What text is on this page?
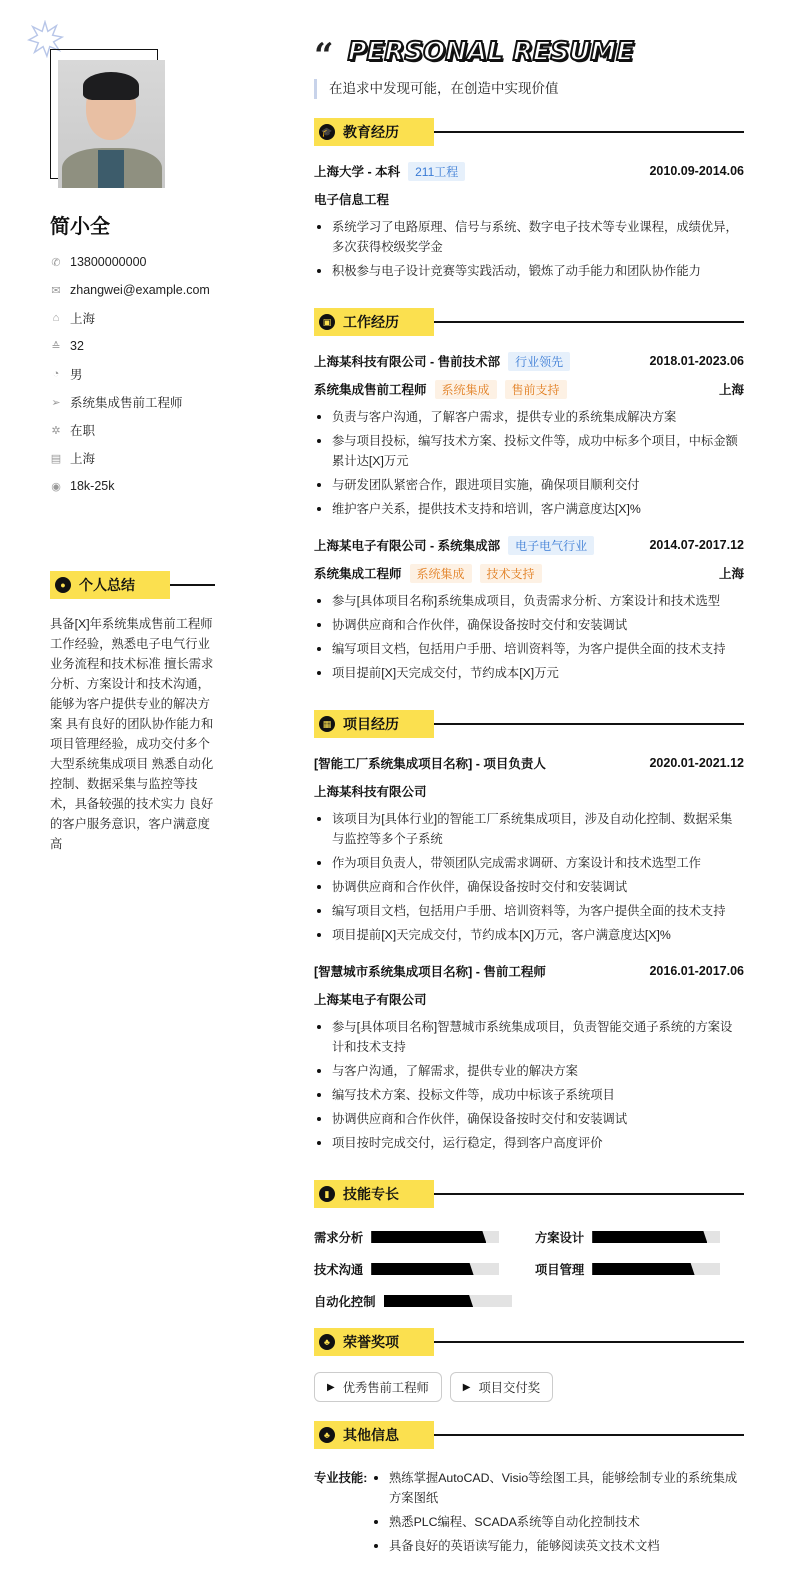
简小全
✆ 13800000000
✉ zhangwei@example.com
⌂ 上海
≙ 32
◔ 男
➢ 系统集成售前工程师
✲ 在职
▤ 上海
◉ 18k-25k
● 个人总结
具备[X]年系统集成售前工程师工作经验，熟悉电子电气行业业务流程和技术标准 擅长需求分析、方案设计和技术沟通，能够为客户提供专业的解决方案 具有良好的团队协作能力和项目管理经验，成功交付多个大型系统集成项目 熟悉自动化控制、数据采集与监控等技术，具备较强的技术实力 良好的客户服务意识，客户满意度高
“ PERSONAL RESUME
在追求中发现可能，在创造中实现价值
🎓 教育经历
上海大学 - 本科	211工程	2010.09-2014.06
电子信息工程
系统学习了电路原理、信号与系统、数字电子技术等专业课程，成绩优异，多次获得校级奖学金
积极参与电子设计竞赛等实践活动，锻炼了动手能力和团队协作能力
▣ 工作经历
上海某科技有限公司 - 售前技术部	行业领先	2018.01-2023.06
系统集成售前工程师	系统集成	售前支持	上海
负责与客户沟通，了解客户需求，提供专业的系统集成解决方案
参与项目投标，编写技术方案、投标文件等，成功中标多个项目，中标金额累计达[X]万元
与研发团队紧密合作，跟进项目实施，确保项目顺利交付
维护客户关系，提供技术支持和培训，客户满意度达[X]%
上海某电子有限公司 - 系统集成部	电子电气行业	2014.07-2017.12
系统集成工程师	系统集成	技术支持	上海
参与[具体项目名称]系统集成项目，负责需求分析、方案设计和技术选型
协调供应商和合作伙伴，确保设备按时交付和安装调试
编写项目文档，包括用户手册、培训资料等，为客户提供全面的技术支持
项目提前[X]天完成交付，节约成本[X]万元
▦ 项目经历
[智能工厂系统集成项目名称] - 项目负责人	2020.01-2021.12
上海某科技有限公司
该项目为[具体行业]的智能工厂系统集成项目，涉及自动化控制、数据采集与监控等多个子系统
作为项目负责人，带领团队完成需求调研、方案设计和技术选型工作
协调供应商和合作伙伴，确保设备按时交付和安装调试
编写项目文档，包括用户手册、培训资料等，为客户提供全面的技术支持
项目提前[X]天完成交付，节约成本[X]万元，客户满意度达[X]%
[智慧城市系统集成项目名称] - 售前工程师	2016.01-2017.06
上海某电子有限公司
参与[具体项目名称]智慧城市系统集成项目，负责智能交通子系统的方案设计和技术支持
与客户沟通，了解需求，提供专业的解决方案
编写技术方案、投标文件等，成功中标该子系统项目
协调供应商和合作伙伴，确保设备按时交付和安装调试
项目按时完成交付，运行稳定，得到客户高度评价
▮ 技能专长
需求分析	方案设计
技术沟通	项目管理
自动化控制
♣ 荣誉奖项
▶ 优秀售前工程师	▶ 项目交付奖
♣ 其他信息
专业技能:	熟练掌握AutoCAD、Visio等绘图工具，能够绘制专业的系统集成方案图纸
熟悉PLC编程、SCADA系统等自动化控制技术
具备良好的英语读写能力，能够阅读英文技术文档
